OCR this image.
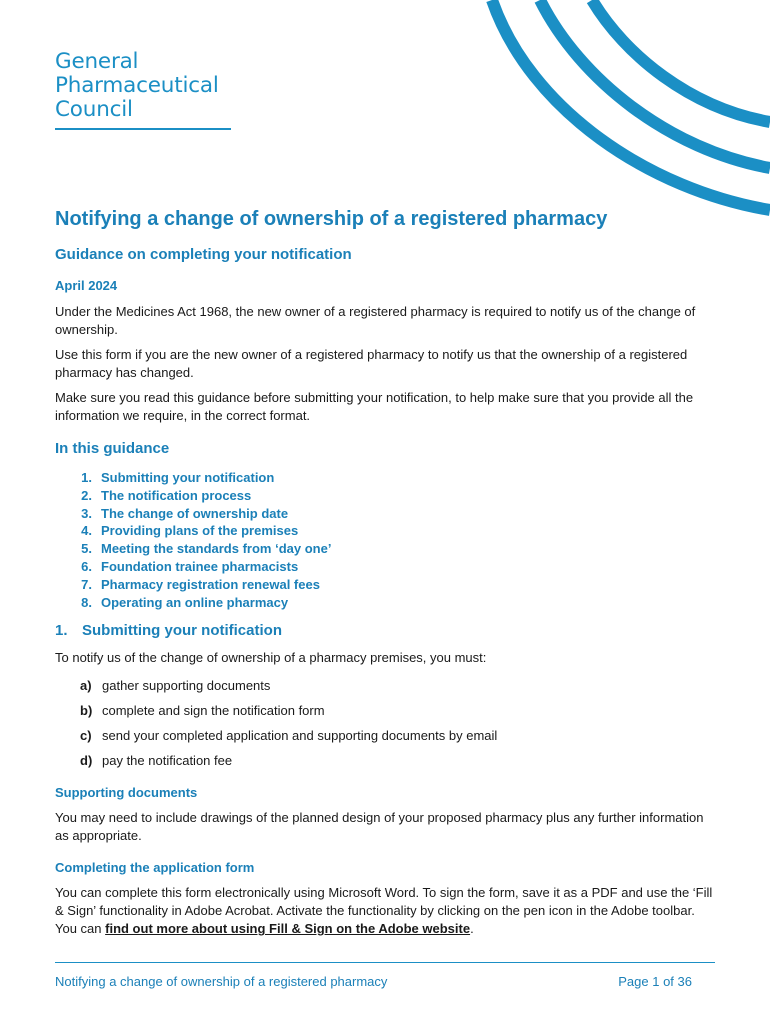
General
Pharmaceutical
Council
Notifying a change of ownership of a registered pharmacy
Guidance on completing your notification
April 2024

Under the Medicines Act 1968, the new owner of a registered pharmacy is required to notify us of the change of ownership.

Use this form if you are the new owner of a registered pharmacy to notify us that the ownership of a registered pharmacy has changed.

Make sure you read this guidance before submitting your notification, to help make sure that you provide all the information we require, in the correct format.

In this guidance
1. Submitting your notification
2. The notification process
3. The change of ownership date
4. Providing plans of the premises
5. Meeting the standards from ‘day one’
6. Foundation trainee pharmacists
7. Pharmacy registration renewal fees
8. Operating an online pharmacy
1. Submitting your notification

To notify us of the change of ownership of a pharmacy premises, you must:

a) gather supporting documents
b) complete and sign the notification form
c) send your completed application and supporting documents by email
d) pay the notification fee
Supporting documents

You may need to include drawings of the planned design of your proposed pharmacy plus any further information as appropriate.

Completing the application form

You can complete this form electronically using Microsoft Word. To sign the form, save it as a PDF and use the ‘Fill & Sign’ functionality in Adobe Acrobat. Activate the functionality by clicking on the pen icon in the Adobe toolbar. You can find out more about using Fill & Sign on the Adobe website.

Notifying a change of ownership of a registered pharmacy	Page 1 of 36
